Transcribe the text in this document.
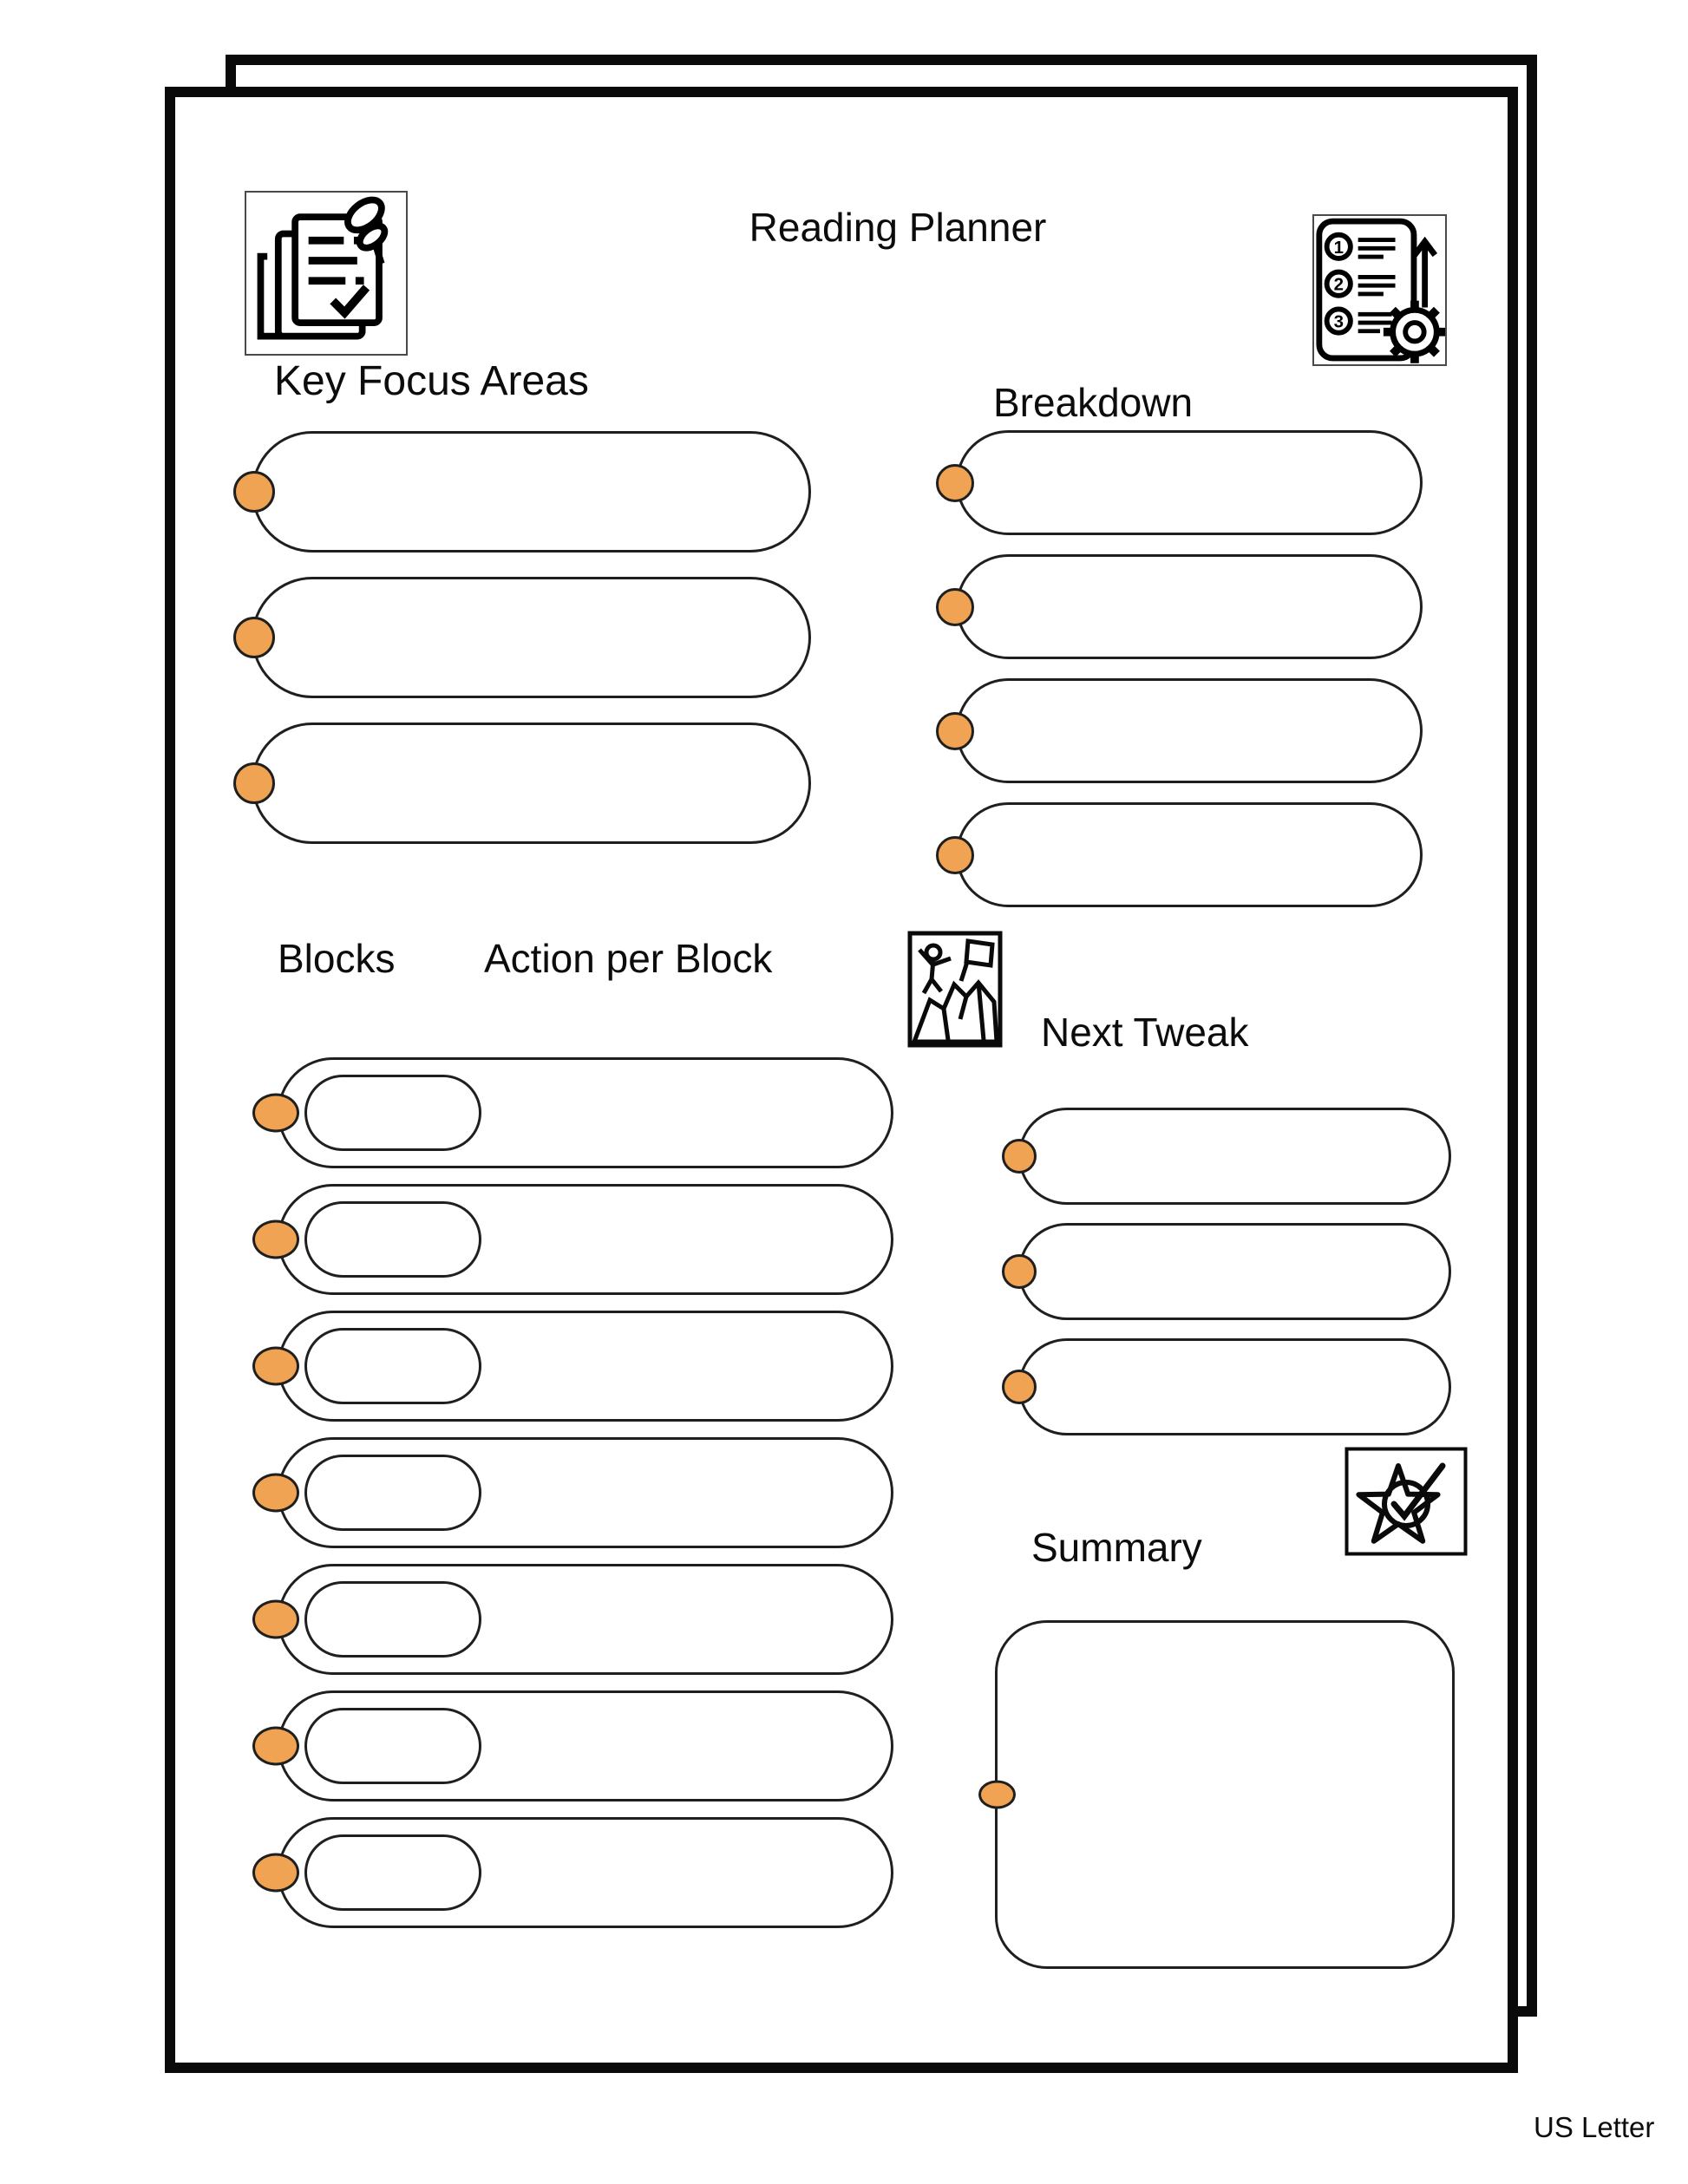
Reading Planner	1
2
3
Key Focus Areas	Breakdown
Blocks Action per Block
Next Tweak
Summary
US Letter
